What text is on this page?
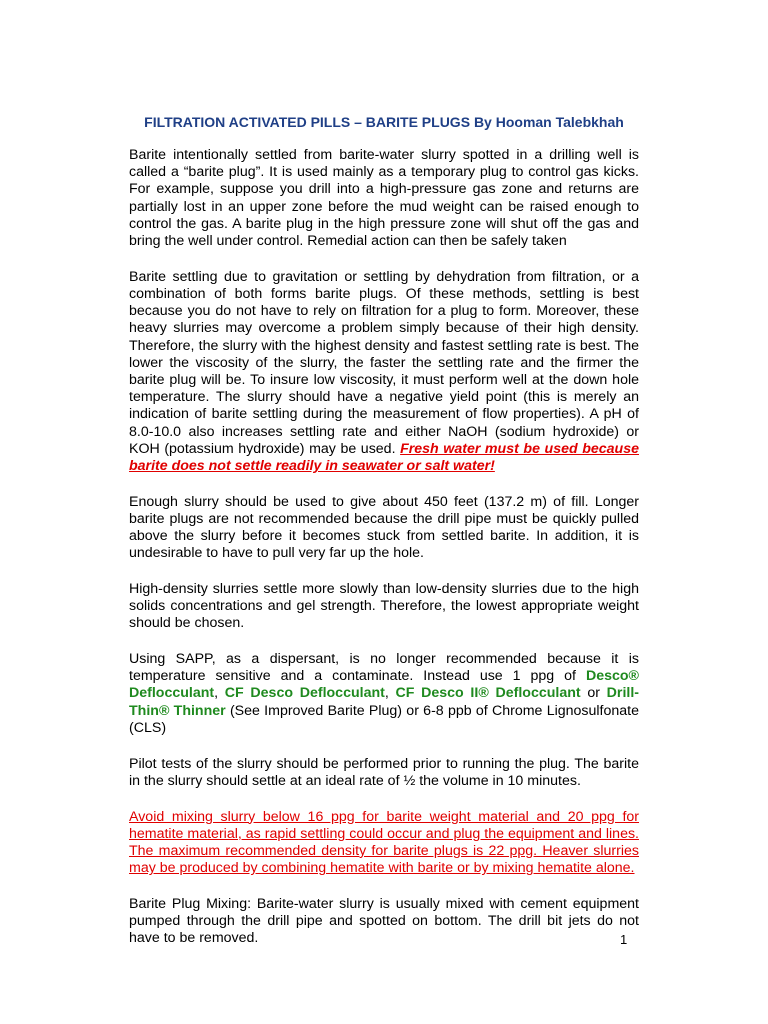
FILTRATION ACTIVATED PILLS – BARITE PLUGS By Hooman Talebkhah

Barite intentionally settled from barite-water slurry spotted in a drilling well is called a “barite plug”. It is used mainly as a temporary plug to control gas kicks. For example, suppose you drill into a high-pressure gas zone and returns are partially lost in an upper zone before the mud weight can be raised enough to control the gas. A barite plug in the high pressure zone will shut off the gas and bring the well under control. Remedial action can then be safely taken

Barite settling due to gravitation or settling by dehydration from filtration, or a combination of both forms barite plugs. Of these methods, settling is best because you do not have to rely on filtration for a plug to form. Moreover, these heavy slurries may overcome a problem simply because of their high density. Therefore, the slurry with the highest density and fastest settling rate is best. The lower the viscosity of the slurry, the faster the settling rate and the firmer the barite plug will be. To insure low viscosity, it must perform well at the down hole temperature. The slurry should have a negative yield point (this is merely an indication of barite settling during the measurement of flow properties). A pH of 8.0-10.0 also increases settling rate and either NaOH (sodium hydroxide) or KOH (potassium hydroxide) may be used. Fresh water must be used because barite does not settle readily in seawater or salt water!

Enough slurry should be used to give about 450 feet (137.2 m) of fill. Longer barite plugs are not recommended because the drill pipe must be quickly pulled above the slurry before it becomes stuck from settled barite. In addition, it is undesirable to have to pull very far up the hole.

High-density slurries settle more slowly than low-density slurries due to the high solids concentrations and gel strength. Therefore, the lowest appropriate weight should be chosen.

Using SAPP, as a dispersant, is no longer recommended because it is temperature sensitive and a contaminate. Instead use 1 ppg of Desco® Deflocculant, CF Desco Deflocculant, CF Desco II® Deflocculant or Drill-Thin® Thinner (See Improved Barite Plug) or 6-8 ppb of Chrome Lignosulfonate (CLS)

Pilot tests of the slurry should be performed prior to running the plug. The barite in the slurry should settle at an ideal rate of ½ the volume in 10 minutes.

Avoid mixing slurry below 16 ppg for barite weight material and 20 ppg for hematite material, as rapid settling could occur and plug the equipment and lines. The maximum recommended density for barite plugs is 22 ppg. Heaver slurries may be produced by combining hematite with barite or by mixing hematite alone.

Barite Plug Mixing: Barite-water slurry is usually mixed with cement equipment pumped through the drill pipe and spotted on bottom. The drill bit jets do not have to be removed.	1
